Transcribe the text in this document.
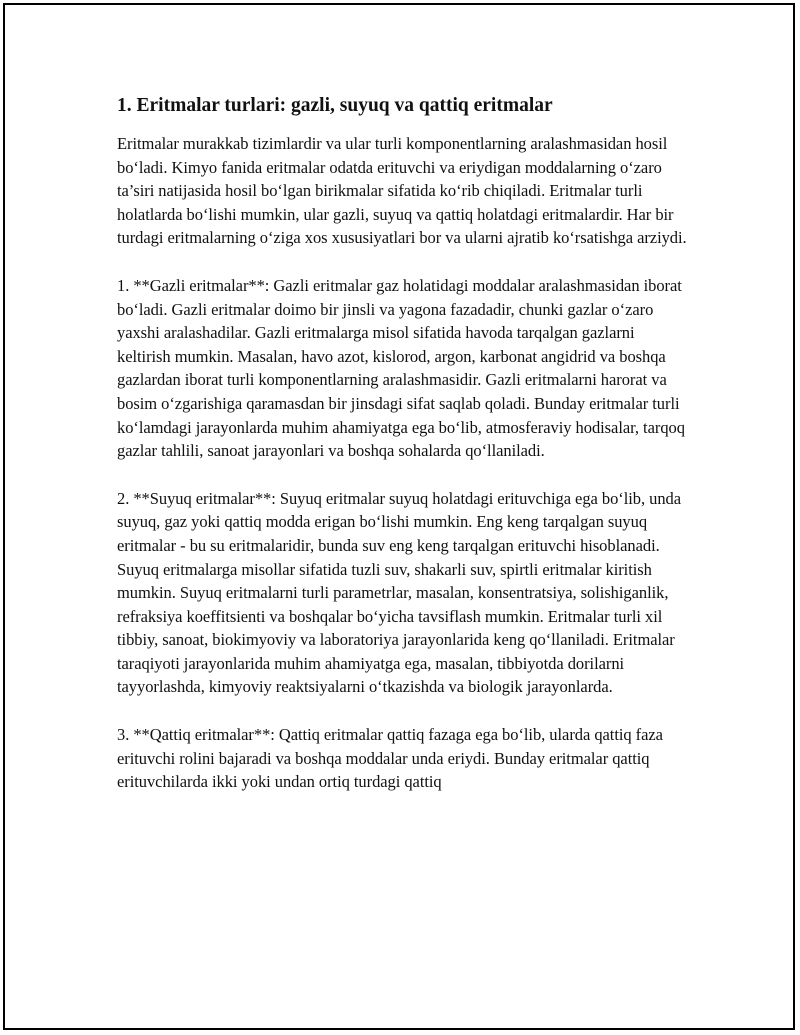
1. Eritmalar turlari: gazli, suyuq va qattiq eritmalar

Eritmalar murakkab tizimlardir va ular turli komponentlarning aralashmasidan hosil bo‘ladi. Kimyo fanida eritmalar odatda erituvchi va eriydigan moddalarning o‘zaro ta’siri natijasida hosil bo‘lgan birikmalar sifatida ko‘rib chiqiladi. Eritmalar turli holatlarda bo‘lishi mumkin, ular gazli, suyuq va qattiq holatdagi eritmalardir. Har bir turdagi eritmalarning o‘ziga xos xususiyatlari bor va ularni ajratib ko‘rsatishga arziydi.

1. **Gazli eritmalar**: Gazli eritmalar gaz holatidagi moddalar aralashmasidan iborat bo‘ladi. Gazli eritmalar doimo bir jinsli va yagona fazadadir, chunki gazlar o‘zaro yaxshi aralashadilar. Gazli eritmalarga misol sifatida havoda tarqalgan gazlarni keltirish mumkin. Masalan, havo azot, kislorod, argon, karbonat angidrid va boshqa gazlardan iborat turli komponentlarning aralashmasidir. Gazli eritmalarni harorat va bosim o‘zgarishiga qaramasdan bir jinsdagi sifat saqlab qoladi. Bunday eritmalar turli ko‘lamdagi jarayonlarda muhim ahamiyatga ega bo‘lib, atmosferaviy hodisalar, tarqoq gazlar tahlili, sanoat jarayonlari va boshqa sohalarda qo‘llaniladi.

2. **Suyuq eritmalar**: Suyuq eritmalar suyuq holatdagi erituvchiga ega bo‘lib, unda suyuq, gaz yoki qattiq modda erigan bo‘lishi mumkin. Eng keng tarqalgan suyuq eritmalar - bu su eritmalaridir, bunda suv eng keng tarqalgan erituvchi hisoblanadi. Suyuq eritmalarga misollar sifatida tuzli suv, shakarli suv, spirtli eritmalar kiritish mumkin. Suyuq eritmalarni turli parametrlar, masalan, konsentratsiya, solishiganlik, refraksiya koeffitsienti va boshqalar bo‘yicha tavsiflash mumkin. Eritmalar turli xil tibbiy, sanoat, biokimyoviy va laboratoriya jarayonlarida keng qo‘llaniladi. Eritmalar taraqiyoti jarayonlarida muhim ahamiyatga ega, masalan, tibbiyotda dorilarni tayyorlashda, kimyoviy reaktsiyalarni o‘tkazishda va biologik jarayonlarda.

3. **Qattiq eritmalar**: Qattiq eritmalar qattiq fazaga ega bo‘lib, ularda qattiq faza erituvchi rolini bajaradi va boshqa moddalar unda eriydi. Bunday eritmalar qattiq erituvchilarda ikki yoki undan ortiq turdagi qattiq
